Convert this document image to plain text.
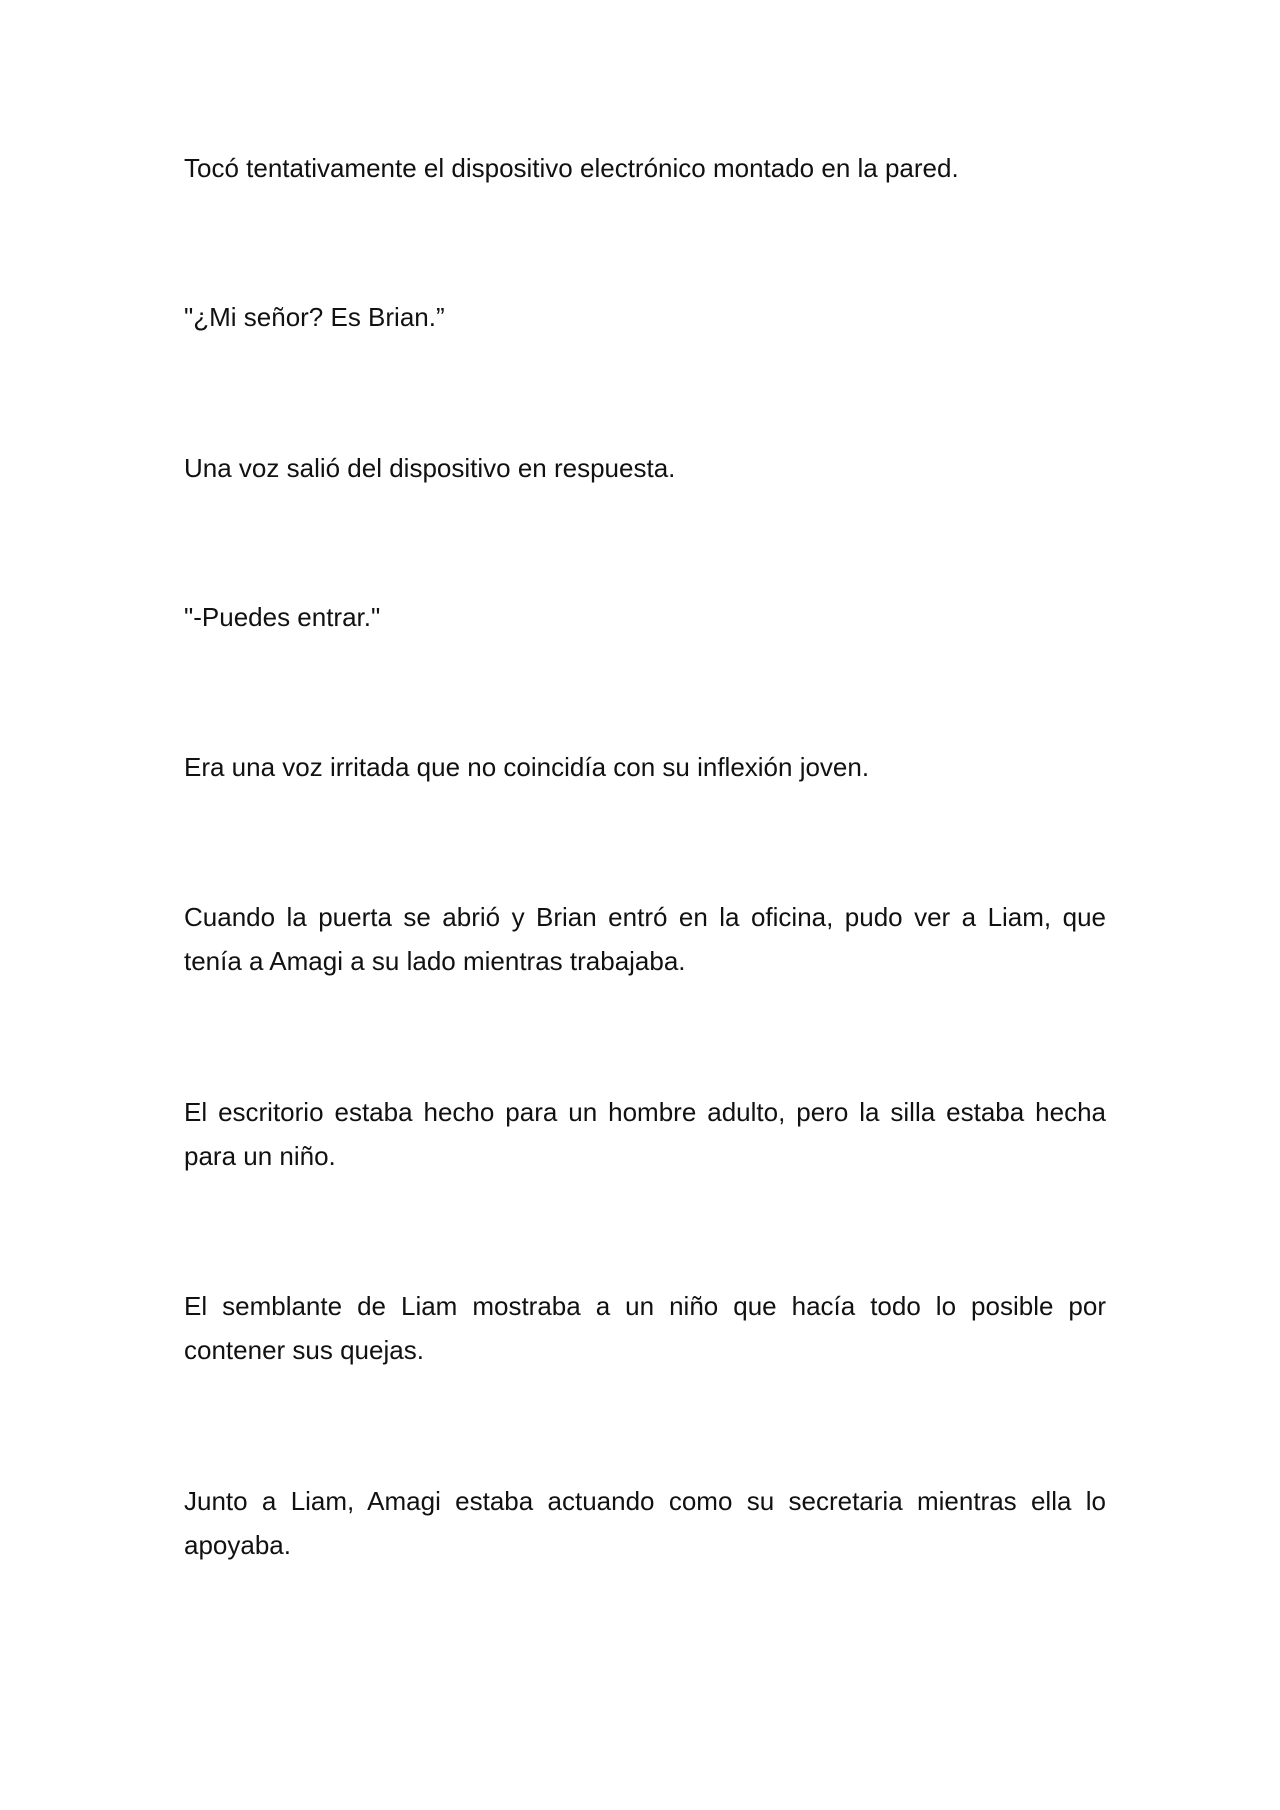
Tocó tentativamente el dispositivo electrónico montado en la pared.

"¿Mi señor? Es Brian.”

Una voz salió del dispositivo en respuesta.

"-Puedes entrar."

Era una voz irritada que no coincidía con su inflexión joven.

Cuando la puerta se abrió y Brian entró en la oficina, pudo ver a Liam, que tenía a Amagi a su lado mientras trabajaba.

El escritorio estaba hecho para un hombre adulto, pero la silla estaba hecha para un niño.

El semblante de Liam mostraba a un niño que hacía todo lo posible por contener sus quejas.

Junto a Liam, Amagi estaba actuando como su secretaria mientras ella lo apoyaba.
